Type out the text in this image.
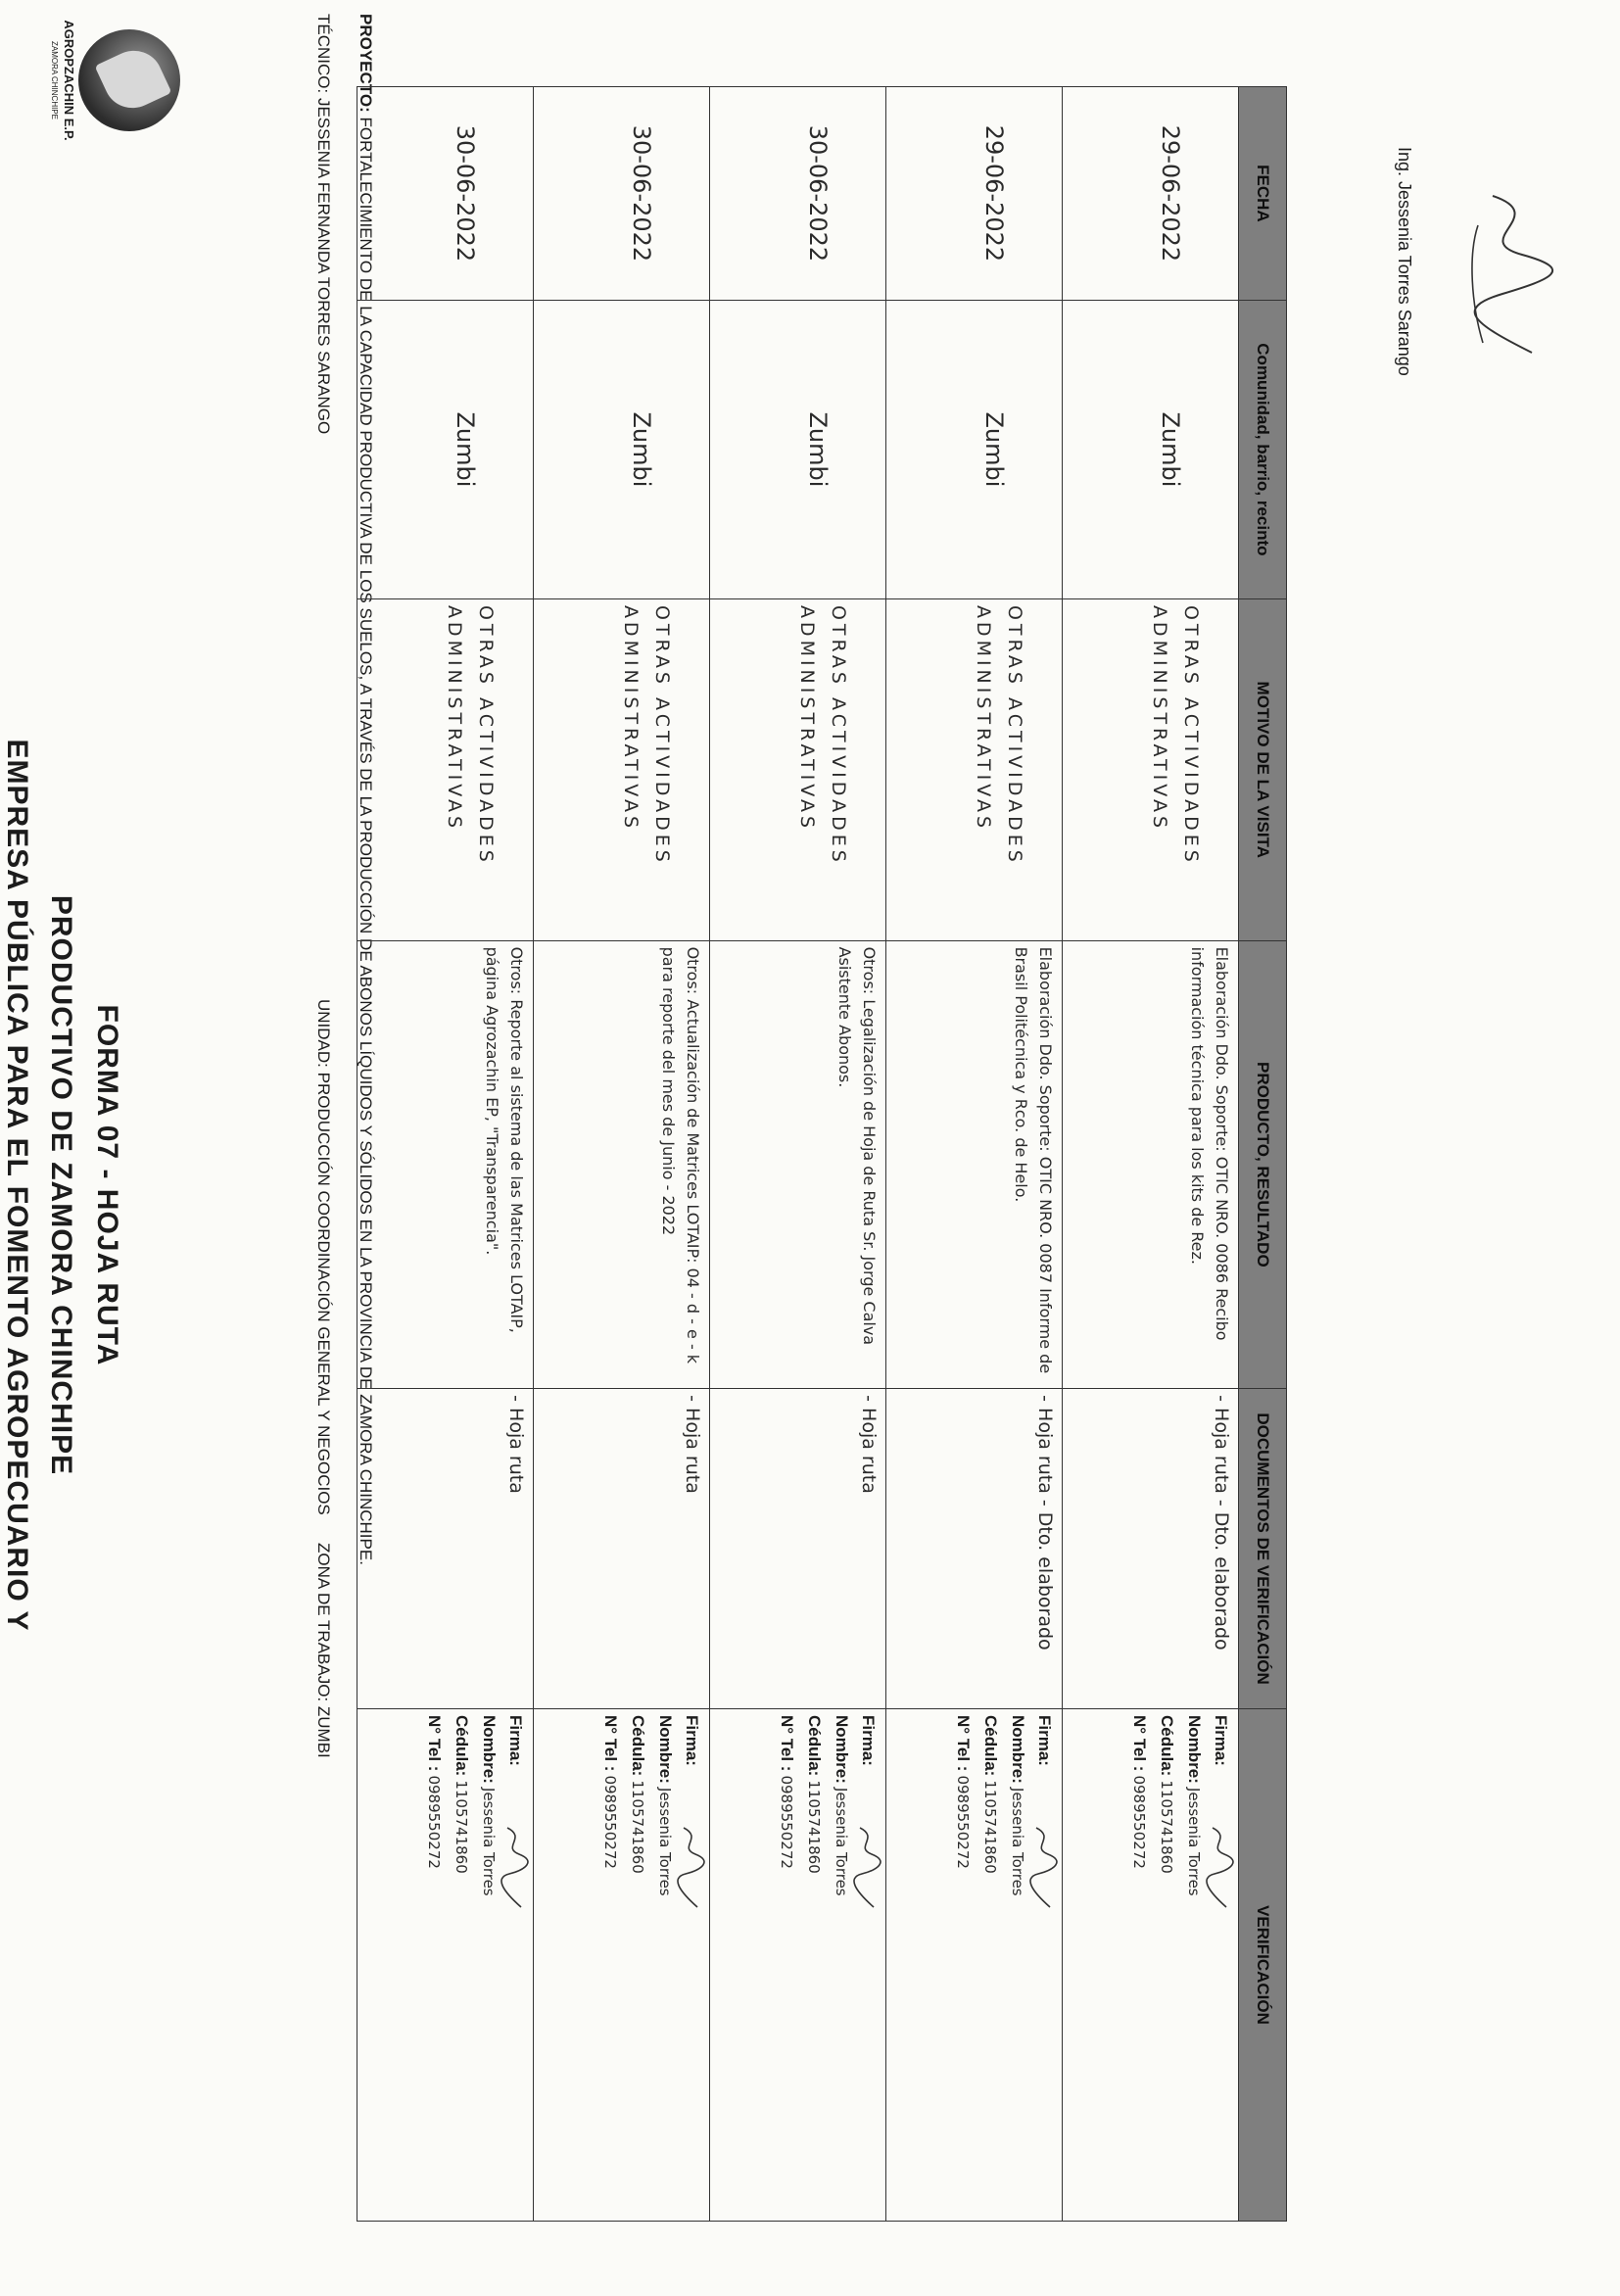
AGROPZACHIN E.P.
ZAMORA CHINCHIPE
EMPRESA PÚBLICA PARA EL FOMENTO AGROPECUARIO Y PRODUCTIVO DE ZAMORA CHINCHIPE FORMA 07 - HOJA RUTA
PROYECTO: FORTALECIMIENTO DE LA CAPACIDAD PRODUCTIVA DE LOS SUELOS, A TRAVÉS DE LA PRODUCCIÓN DE ABONOS LÍQUIDOS Y SÓLIDOS EN LA PROVINCIA DE ZAMORA CHINCHIPE.
TÉCNICO: JESSENIA FERNANDA TORRES SARANGO
UNIDAD: PRODUCCIÓN COORDINACIÓN GENERAL Y NEGOCIOS
ZONA DE TRABAJO: ZUMBI
FECHA	Comunidad, barrio, recinto	MOTIVO DE LA VISITA	PRODUCTO, RESULTADO	DOCUMENTOS DE VERIFICACIÓN	VERIFICACIÓN

29-06-2022	Zumbi	OTRAS ACTIVIDADES ADMINISTRATIVAS	Elaboración Ddo. Soporte: OTIC NRO. 0086 Recibo información técnica para los kits de Rez.	- Hoja ruta - Dto. elaborado	Firma:
Nombre:Jessenia Torres
Cédula:1105741860
N° Tel :0989550272

29-06-2022	Zumbi	OTRAS ACTIVIDADES ADMINISTRATIVAS	Elaboración Ddo. Soporte: OTIC NRO. 0087 Informe de Brasil Politécnica y Rco. de Helo.	- Hoja ruta - Dto. elaborado	Firma:
Nombre:Jessenia Torres
Cédula:1105741860
N° Tel :0989550272

30-06-2022	Zumbi	OTRAS ACTIVIDADES ADMINISTRATIVAS	Otros: Legalización de Hoja de Ruta Sr. Jorge Calva Asistente Abonos.	- Hoja ruta	Firma:
Nombre:Jessenia Torres
Cédula:1105741860
N° Tel :0989550272

30-06-2022	Zumbi	OTRAS ACTIVIDADES ADMINISTRATIVAS	Otros: Actualización de Matrices LOTAIP: 04 - d - e - k para reporte del mes de Junio - 2022	- Hoja ruta	Firma:
Nombre:Jessenia Torres
Cédula:1105741860
N° Tel :0989550272

30-06-2022	Zumbi	OTRAS ACTIVIDADES ADMINISTRATIVAS	Otros: Reporte al sistema de las Matrices LOTAIP, página Agrozachin EP, "Transparencia".	- Hoja ruta	Firma:
Nombre:Jessenia Torres
Cédula:1105741860
N° Tel :0989550272
Ing. Jessenia Torres Sarango
